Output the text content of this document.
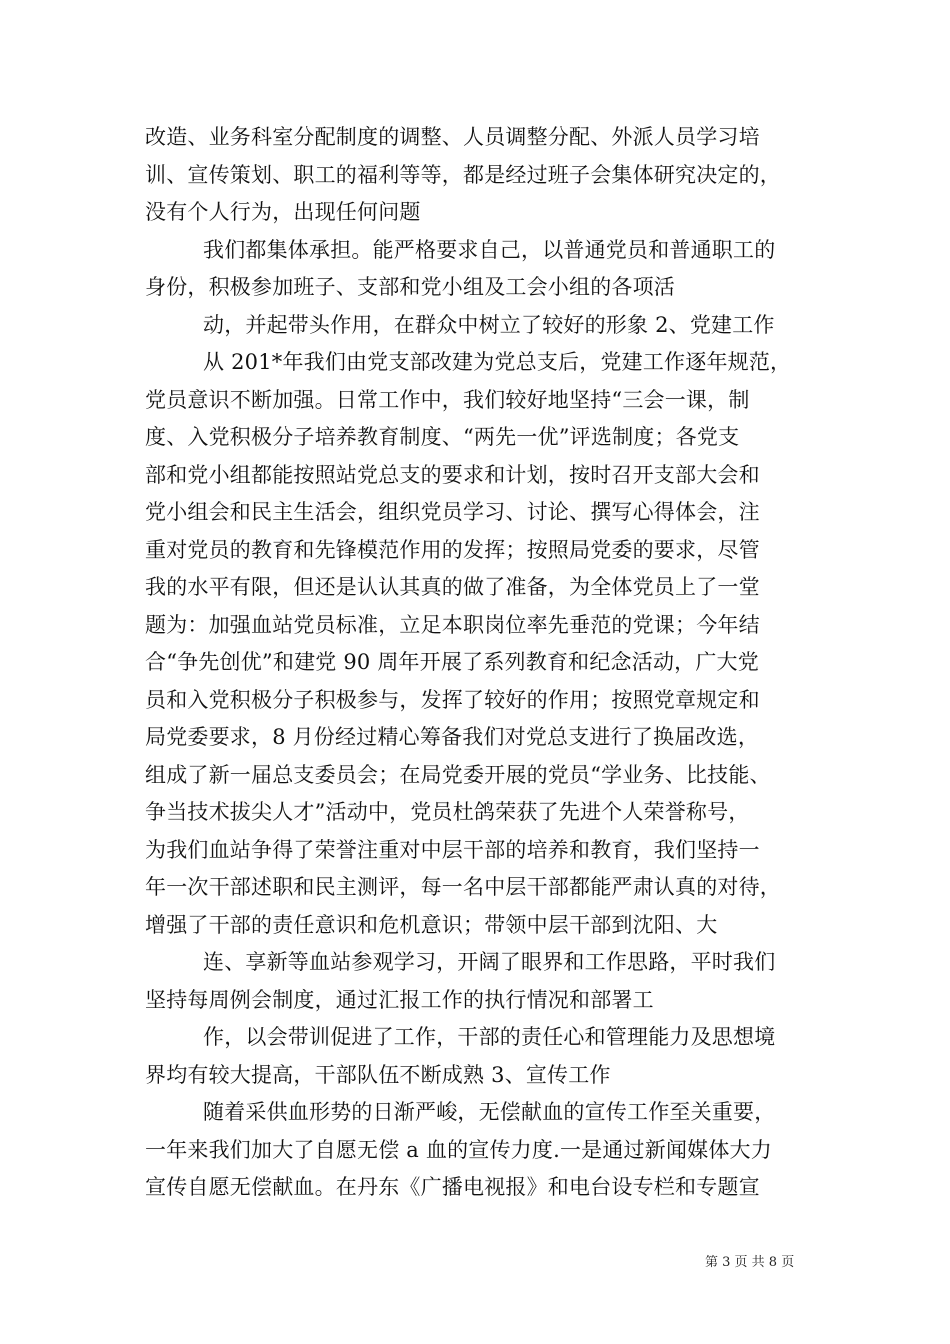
改造、业务科室分配制度的调整、人员调整分配、外派人员学习培
训、宣传策划、职工的福利等等，都是经过班子会集体研究决定的，
没有个人行为，出现任何问题
我们都集体承担。能严格要求自己，以普通党员和普通职工的
身份，积极参加班子、支部和党小组及工会小组的各项活
动，并起带头作用，在群众中树立了较好的形象 2、党建工作
从 201*年我们由党支部改建为党总支后，党建工作逐年规范，
党员意识不断加强。日常工作中，我们较好地坚持“三会一课，制
度、入党积极分子培养教育制度、“两先一优”评选制度；各党支
部和党小组都能按照站党总支的要求和计划，按时召开支部大会和
党小组会和民主生活会，组织党员学习、讨论、撰写心得体会，注
重对党员的教育和先锋模范作用的发挥；按照局党委的要求，尽管
我的水平有限，但还是认认其真的做了准备，为全体党员上了一堂
题为：加强血站党员标准，立足本职岗位率先垂范的党课；今年结
合“争先创优”和建党 90 周年开展了系列教育和纪念活动，广大党
员和入党积极分子积极参与，发挥了较好的作用；按照党章规定和
局党委要求，8 月份经过精心筹备我们对党总支进行了换届改选，
组成了新一届总支委员会；在局党委开展的党员“学业务、比技能、
争当技术拔尖人才”活动中，党员杜鸽荣获了先进个人荣誉称号，
为我们血站争得了荣誉注重对中层干部的培养和教育，我们坚持一
年一次干部述职和民主测评，每一名中层干部都能严肃认真的对待，
增强了干部的责任意识和危机意识；带领中层干部到沈阳、大
连、享新等血站参观学习，开阔了眼界和工作思路，平时我们
坚持每周例会制度，通过汇报工作的执行情况和部署工
作，以会带训促进了工作，干部的责任心和管理能力及思想境
界均有较大提高，干部队伍不断成熟 3、宣传工作
随着采供血形势的日渐严峻，无偿献血的宣传工作至关重要，
一年来我们加大了自愿无偿 a 血的宣传力度.一是通过新闻媒体大力
宣传自愿无偿献血。在丹东《广播电视报》和电台设专栏和专题宣
第 3 页 共 8 页
